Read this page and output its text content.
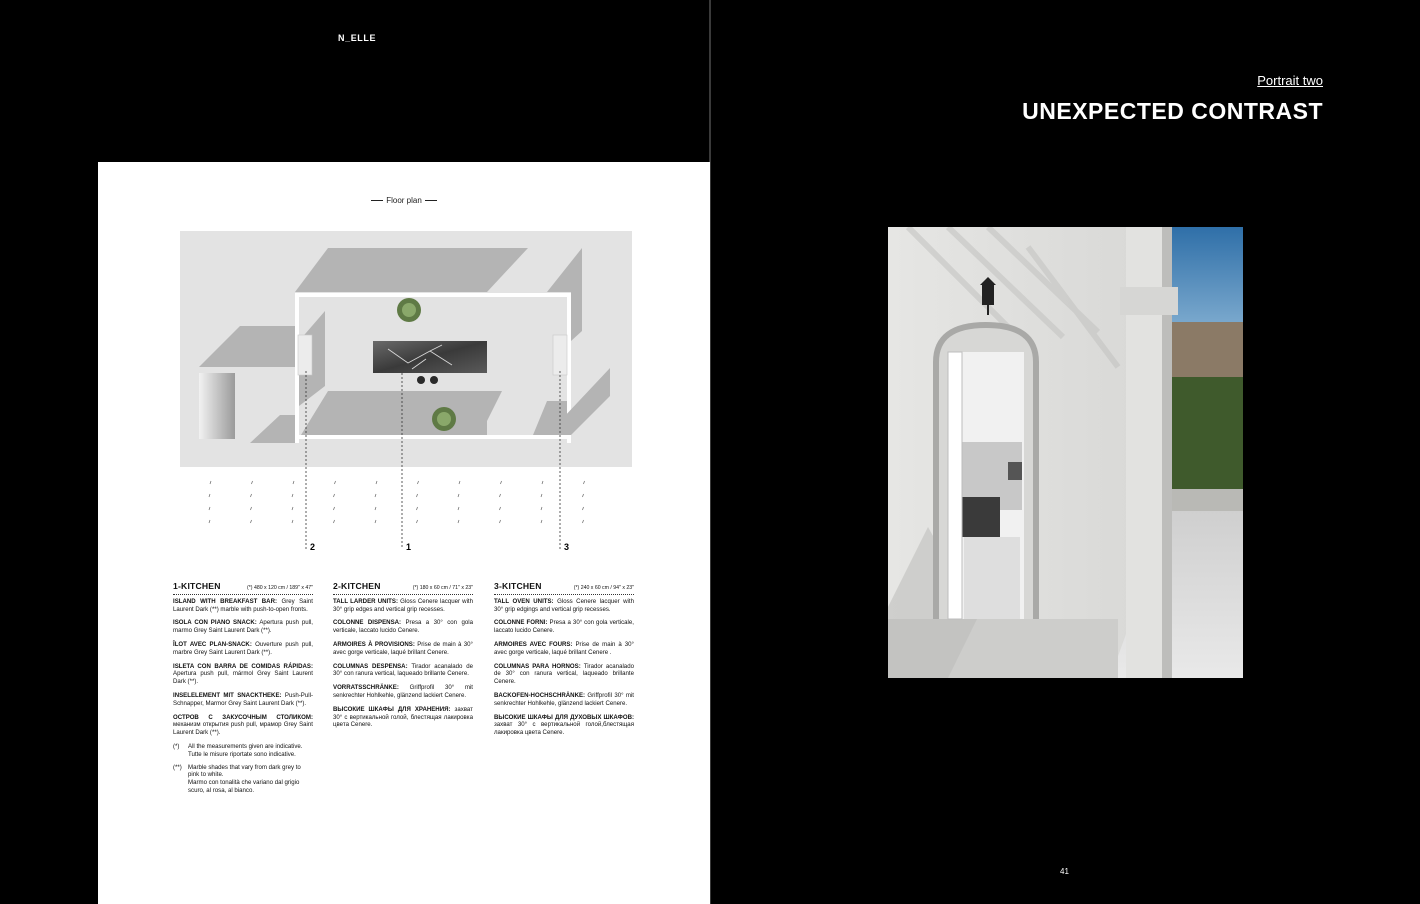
N_ELLE
Floor plan
2	1	3
1-KITCHEN	(*) 480 x 120 cm / 189" x 47"
ISLAND WITH BREAKFAST BAR: Grey Saint Laurent Dark (**) marble with push-to-open fronts.
ISOLA CON PIANO SNACK: Apertura push pull, marmo Grey Saint Laurent Dark (**).
ÎLOT AVEC PLAN-SNACK: Ouverture push pull, marbre Grey Saint Laurent Dark (**).
ISLETA CON BARRA DE COMIDAS RÁPIDAS: Apertura push pull, mármol Grey Saint Laurent Dark (**).
INSELELEMENT MIT SNACKTHEKE: Push-Pull-Schnapper, Marmor Grey Saint Laurent Dark (**).
ОСТРОВ С ЗАКУСОЧНЫМ СТОЛИКОМ: механизм открытия push pull, мрамор Grey Saint Laurent Dark (**).
(*)	All the measurements given are indicative.
Tutte le misure riportate sono indicative.
(**)	Marble shades that vary from dark grey to pink to white.
Marmo con tonalità che variano dal grigio scuro, al rosa, al bianco.
2-KITCHEN	(*) 180 x 60 cm / 71" x 23"
TALL LARDER UNITS: Gloss Cenere lacquer with 30° grip edges and vertical grip recesses.
COLONNE DISPENSA: Presa a 30° con gola verticale, laccato lucido Cenere.
ARMOIRES À PROVISIONS: Prise de main à 30° avec gorge verticale, laqué brillant Cenere.
COLUMNAS DESPENSA: Tirador acanalado de 30° con ranura vertical, laqueado brillante Cenere.
VORRATSSCHRÄNKE: Griffprofil 30° mit senkrechter Hohlkehle, glänzend lackiert Cenere.
ВЫСОКИЕ ШКАФЫ ДЛЯ ХРАНЕНИЯ: захват 30° с вертикальной голой, блестящая лакировка цвета Cenere.
3-KITCHEN	(*) 240 x 60 cm / 94" x 23"
TALL OVEN UNITS: Gloss Cenere lacquer with 30° grip edgings and vertical grip recesses.
COLONNE FORNI: Presa a 30° con gola verticale, laccato lucido Cenere.
ARMOIRES AVEC FOURS: Prise de main à 30° avec gorge verticale, laqué brillant Cenere .
COLUMNAS PARA HORNOS: Tirador acanalado de 30° con ranura vertical, laqueado brillante Cenere.
BACKOFEN-HOCHSCHRÄNKE: Griffprofil 30° mit senkrechter Hohlkehle, glänzend lackiert Cenere.
ВЫСОКИЕ ШКАФЫ ДЛЯ ДУХОВЫХ ШКАФОВ: захват 30° с вертикальной голой,блестящая лакировка цвета Cenere.
Portrait two
UNEXPECTED CONTRAST
41
